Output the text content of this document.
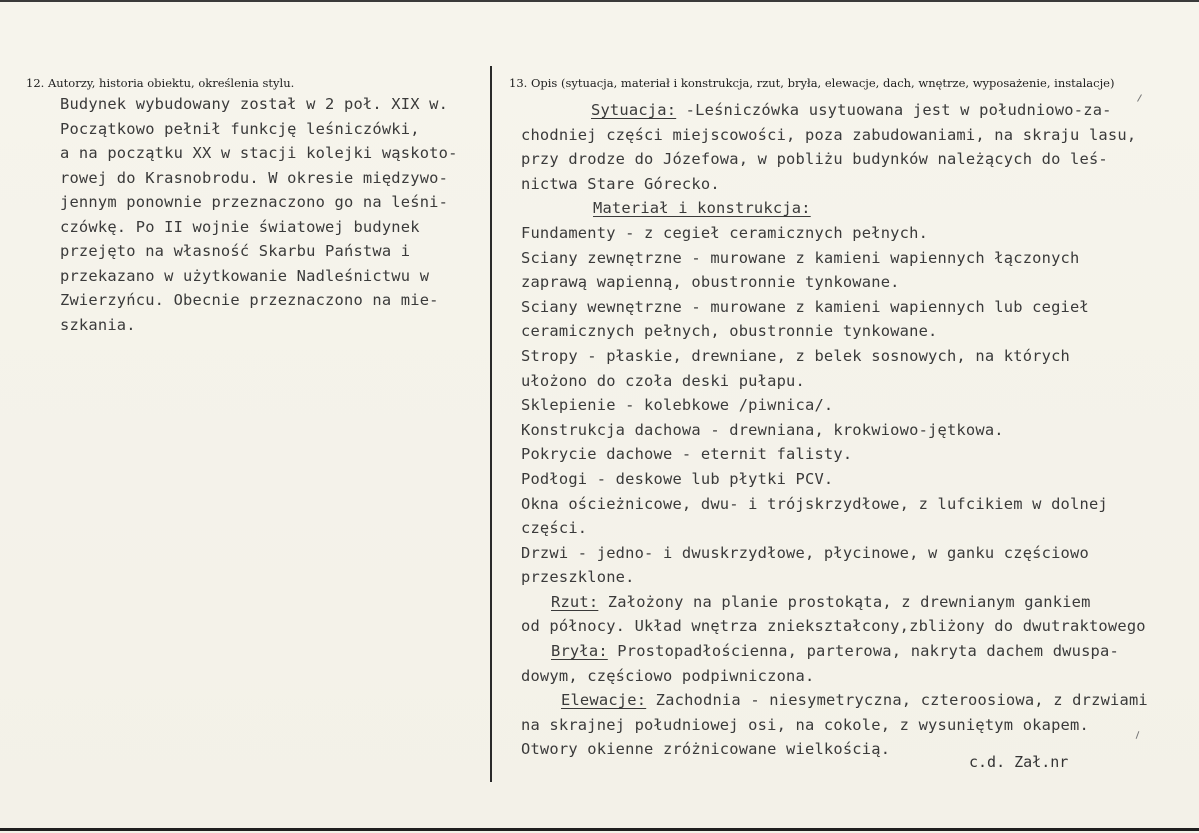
12. Autorzy, historia obiektu, określenia stylu.	13. Opis (sytuacja, materiał i konstrukcja, rzut, bryła, elewacje, dach, wnętrze, wyposażenie, instalacje)
Budynek wybudowany został w 2 poł. XIX w.
Początkowo pełnił funkcję leśniczówki,
a na początku XX w stacji kolejki wąskoto-
rowej do Krasnobrodu. W okresie międzywo-
jennym ponownie przeznaczono go na leśni-
czówkę. Po II wojnie światowej budynek
przejęto na własność Skarbu Państwa i
przekazano w użytkowanie Nadleśnictwu w
Zwierzyńcu. Obecnie przeznaczono na mie-
szkania.
Sytuacja: -Leśniczówka usytuowana jest w południowo-za-
chodniej części miejscowości, poza zabudowaniami, na skraju lasu,
przy drodze do Józefowa, w pobliżu budynków należących do leś-
nictwa Stare Górecko.
Materiał i konstrukcja:
Fundamenty - z cegieł ceramicznych pełnych.
Sciany zewnętrzne - murowane z kamieni wapiennych łączonych
zaprawą wapienną, obustronnie tynkowane.
Sciany wewnętrzne - murowane z kamieni wapiennych lub cegieł
ceramicznych pełnych, obustronnie tynkowane.
Stropy - płaskie, drewniane, z belek sosnowych, na których
ułożono do czoła deski pułapu.
Sklepienie - kolebkowe /piwnica/.
Konstrukcja dachowa - drewniana, krokwiowo-jętkowa.
Pokrycie dachowe - eternit falisty.
Podłogi - deskowe lub płytki PCV.
Okna ościeżnicowe, dwu- i trójskrzydłowe, z lufcikiem w dolnej
części.
Drzwi - jedno- i dwuskrzydłowe, płycinowe, w ganku częściowo
przeszklone.
Rzut: Założony na planie prostokąta, z drewnianym gankiem
od północy. Układ wnętrza zniekształcony,zbliżony do dwutraktowego
Bryła: Prostopadłościenna, parterowa, nakryta dachem dwuspa-
dowym, częściowo podpiwniczona.
Elewacje: Zachodnia - niesymetryczna, czteroosiowa, z drzwiami
na skrajnej południowej osi, na cokole, z wysuniętym okapem.
Otwory okienne zróżnicowane wielkością.
c.d. Zał.nr
